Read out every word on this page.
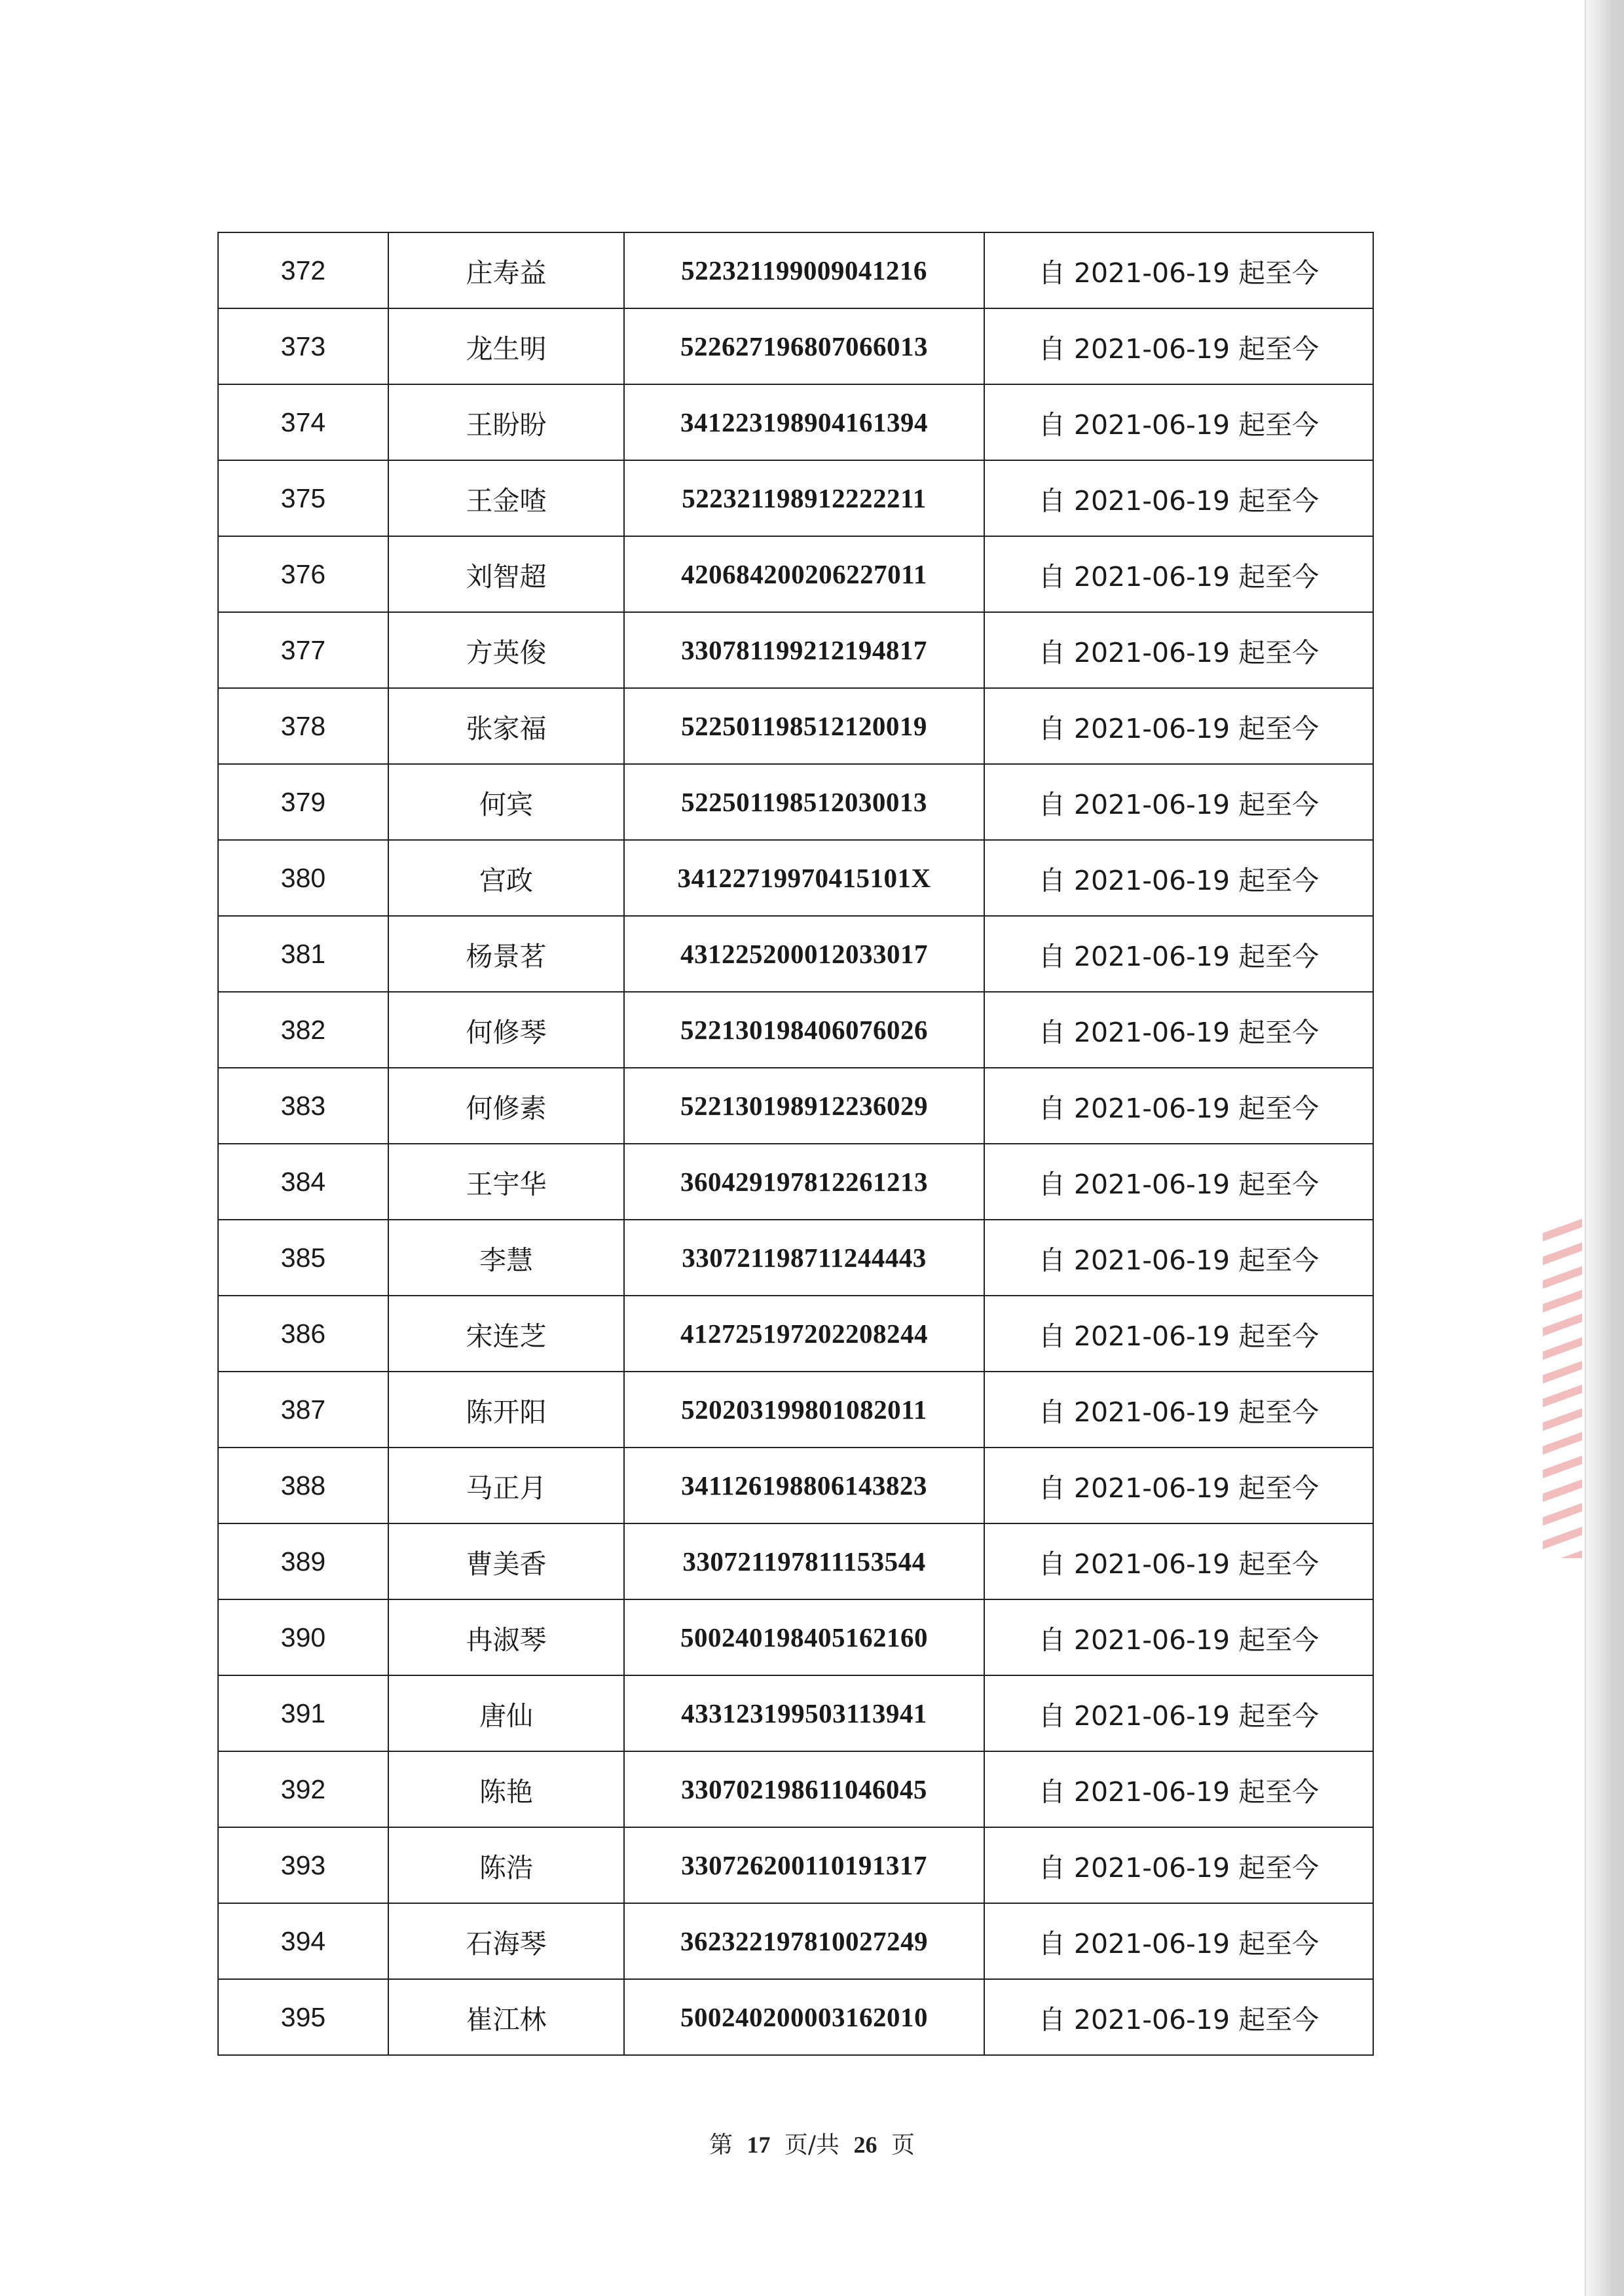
372	庄寿益	522321199009041216	自 2021-06-19 起至今
373	龙生明	522627196807066013	自 2021-06-19 起至今
374	王盼盼	341223198904161394	自 2021-06-19 起至今
375	王金喳	522321198912222211	自 2021-06-19 起至今
376	刘智超	420684200206227011	自 2021-06-19 起至今
377	方英俊	330781199212194817	自 2021-06-19 起至今
378	张家福	522501198512120019	自 2021-06-19 起至今
379	何宾	522501198512030013	自 2021-06-19 起至今
380	宫政	34122719970415101X	自 2021-06-19 起至今
381	杨景茗	431225200012033017	自 2021-06-19 起至今
382	何修琴	522130198406076026	自 2021-06-19 起至今
383	何修素	522130198912236029	自 2021-06-19 起至今
384	王宇华	360429197812261213	自 2021-06-19 起至今
385	李慧	330721198711244443	自 2021-06-19 起至今
386	宋连芝	412725197202208244	自 2021-06-19 起至今
387	陈开阳	520203199801082011	自 2021-06-19 起至今
388	马正月	341126198806143823	自 2021-06-19 起至今
389	曹美香	330721197811153544	自 2021-06-19 起至今
390	冉淑琴	500240198405162160	自 2021-06-19 起至今
391	唐仙	433123199503113941	自 2021-06-19 起至今
392	陈艳	330702198611046045	自 2021-06-19 起至今
393	陈浩	330726200110191317	自 2021-06-19 起至今
394	石海琴	362322197810027249	自 2021-06-19 起至今
395	崔江林	500240200003162010	自 2021-06-19 起至今
第 17 页/共 26 页
